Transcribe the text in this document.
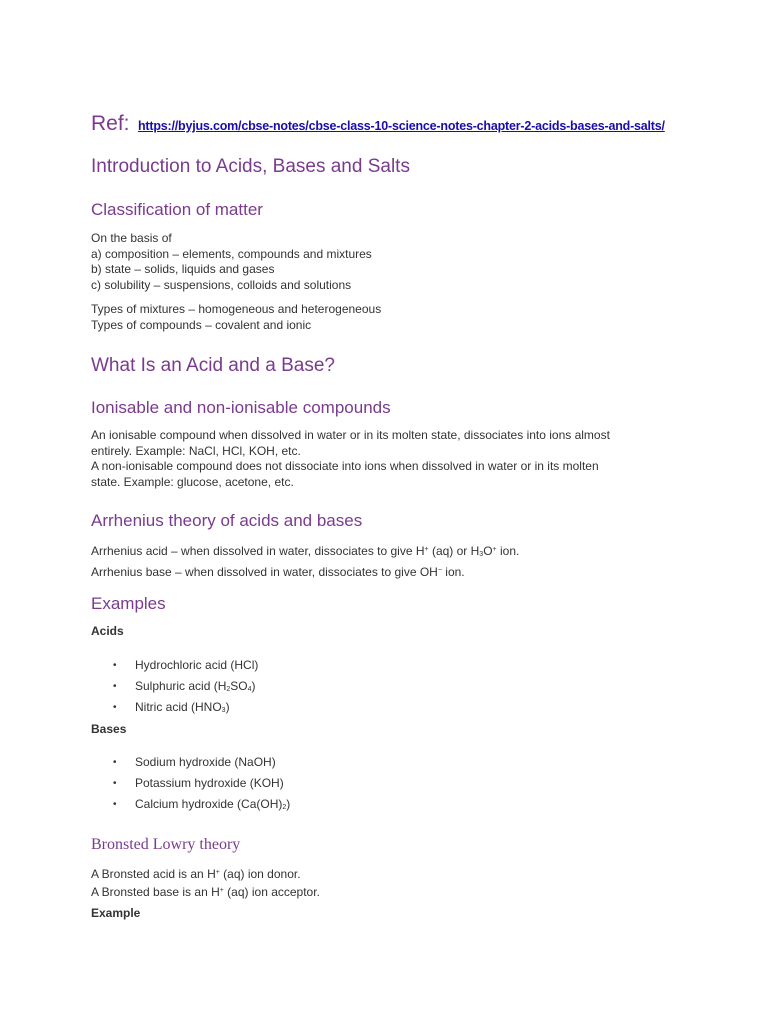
Ref: https://byjus.com/cbse-notes/cbse-class-10-science-notes-chapter-2-acids-bases-and-salts/
Introduction to Acids, Bases and Salts
Classification of matter
On the basis of
a) composition – elements, compounds and mixtures
b) state – solids, liquids and gases
c) solubility – suspensions, colloids and solutions
Types of mixtures – homogeneous and heterogeneous
Types of compounds – covalent and ionic
What Is an Acid and a Base?
Ionisable and non-ionisable compounds
An ionisable compound when dissolved in water or in its molten state, dissociates into ions almost
entirely. Example: NaCl, HCl, KOH, etc.
A non-ionisable compound does not dissociate into ions when dissolved in water or in its molten
state. Example: glucose, acetone, etc.
Arrhenius theory of acids and bases
Arrhenius acid – when dissolved in water, dissociates to give H+ (aq) or $H_3O^+$ ion.
Arrhenius base – when dissolved in water, dissociates to give OH− ion.
Examples
Acids
• Hydrochloric acid (HCl)
• Sulphuric acid $(H_2SO_4)$
• Nitric acid $(HNO_3)$
Bases
• Sodium hydroxide (NaOH)
• Potassium hydroxide (KOH)
• Calcium hydroxide $(Ca(OH)_2)$
Bronsted Lowry theory
A Bronsted acid is an H+ (aq) ion donor.
A Bronsted base is an H+ (aq) ion acceptor.
Example
